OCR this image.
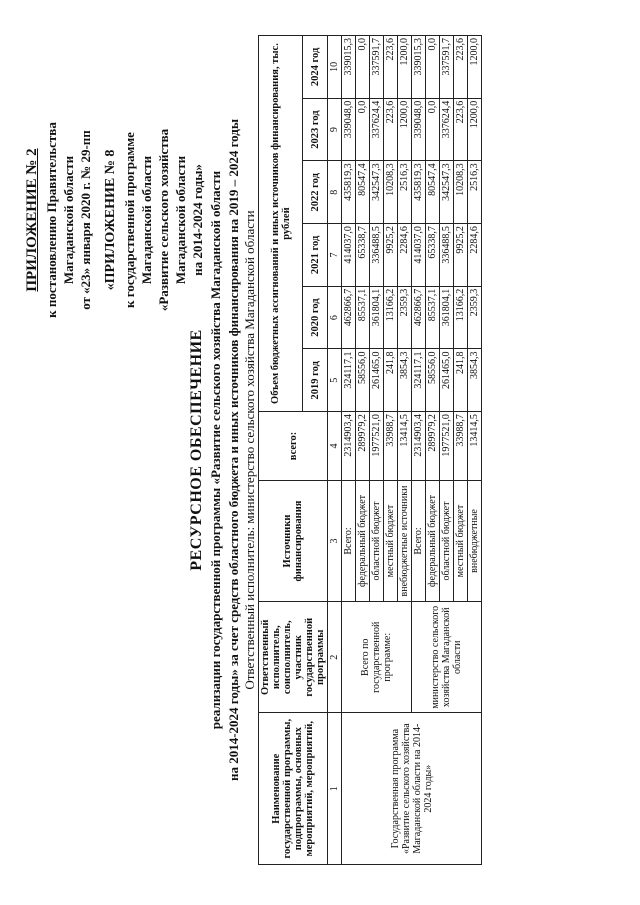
ПРИЛОЖЕНИЕ № 2 к постановлению Правительства Магаданской области от «23» января 2020 г. № 29-пп «ПРИЛОЖЕНИЕ № 8 к государственной программе Магаданской области «Развитие сельского хозяйства Магаданской области на 2014-2024 годы»
РЕСУРСНОЕ ОБЕСПЕЧЕНИЕ реализации государственной программы «Развитие сельского хозяйства Магаданской области на 2014-2024 годы» за счет средств областного бюджета и иных источников финансирования на 2019 – 2024 годы Ответственный исполнитель: министерство сельского хозяйства Магаданской области
Наименование государственной программы, подпрограммы, основных мероприятий, мероприятий,	Ответственный исполнитель, соисполнитель, участник государственной программы	Источники финансирования	всего:	Объем бюджетных ассигнований и иных источников финансирования, тыс. рублей					
				2019 год	2020 год	2021 год	2022 год	2023 год	2024 год
1	2	3	4	5	6	7	8	9	10
Государственная программа «Развитие сельского хозяйства Магаданской области на 2014-2024 годы»	Всего по государственной программе:	Всего:	2314903,4	324117,1	462866,7	414037,0	435819,3	339048,0	339015,3
		федеральный бюджет	289979,2	58556,0	85537,1	65338,7	80547,4	0,0	0,0
		областной бюджет	1977521,0	261465,0	361804,1	336488,5	342547,3	337624,4	337591,7
		местный бюджет	33988,7	241,8	13166,2	9925,2	10208,3	223,6	223,6
		внебюджетные источники	13414,5	3854,3	2359,3	2284,6	2516,3	1200,0	1200,0
	министерство сельского хозяйства Магаданской области	Всего:	2314903,4	324117,1	462866,7	414037,0	435819,3	339048,0	339015,3
		федеральный бюджет	289979,2	58556,0	85537,1	65338,7	80547,4	0,0	0,0
		областной бюджет	1977521,0	261465,0	361804,1	336488,5	342547,3	337624,4	337591,7
		местный бюджет	33988,7	241,8	13166,2	9925,2	10208,3	223,6	223,6
		внебюджетные	13414,5	3854,3	2359,3	2284,6	2516,3	1200,0	1200,0
